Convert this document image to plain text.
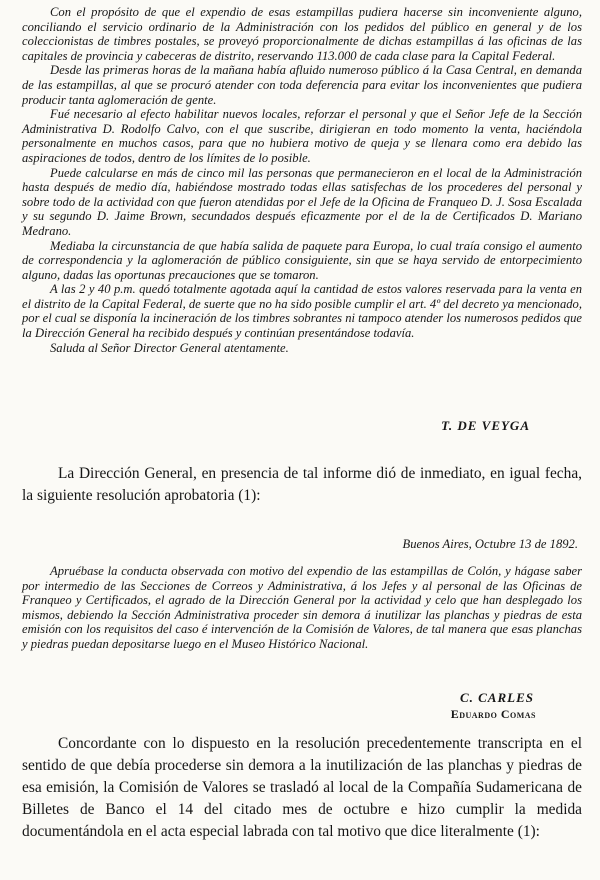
Con el propósito de que el expendio de esas estampillas pudiera hacerse sin inconveniente alguno, conciliando el servicio ordinario de la Administración con los pedidos del público en general y de los coleccionistas de timbres postales, se proveyó proporcionalmente de dichas estampillas á las oficinas de las capitales de provincia y cabeceras de distrito, reservando 113.000 de cada clase para la Capital Federal.

Desde las primeras horas de la mañana había afluido numeroso público á la Casa Central, en demanda de las estampillas, al que se procuró atender con toda deferencia para evitar los inconvenientes que pudiera producir tanta aglomeración de gente.

Fué necesario al efecto habilitar nuevos locales, reforzar el personal y que el Señor Jefe de la Sección Administrativa D. Rodolfo Calvo, con el que suscribe, dirigieran en todo momento la venta, haciéndola personalmente en muchos casos, para que no hubiera motivo de queja y se llenara como era debido las aspiraciones de todos, dentro de los límites de lo posible.

Puede calcularse en más de cinco mil las personas que permanecieron en el local de la Administración hasta después de medio día, habiéndose mostrado todas ellas satisfechas de los procederes del personal y sobre todo de la actividad con que fueron atendidas por el Jefe de la Oficina de Franqueo D. J. Sosa Escalada y su segundo D. Jaime Brown, secundados después eficazmente por el de la de Certificados D. Mariano Medrano.

Mediaba la circunstancia de que había salida de paquete para Europa, lo cual traía consigo el aumento de correspondencia y la aglomeración de público consiguiente, sin que se haya servido de entorpecimiento alguno, dadas las oportunas precauciones que se tomaron.

A las 2 y 40 p.m. quedó totalmente agotada aquí la cantidad de estos valores reservada para la venta en el distrito de la Capital Federal, de suerte que no ha sido posible cumplir el art. 4º del decreto ya mencionado, por el cual se disponía la incineración de los timbres sobrantes ni tampoco atender los numerosos pedidos que la Dirección General ha recibido después y continúan presentándose todavía.

Saluda al Señor Director General atentamente.

T. DE VEYGA

La Dirección General, en presencia de tal informe dió de inmediato, en igual fecha, la siguiente resolución aprobatoria (1):

Buenos Aires, Octubre 13 de 1892.

Apruébase la conducta observada con motivo del expendio de las estampillas de Colón, y hágase saber por intermedio de las Secciones de Correos y Administrativa, á los Jefes y al personal de las Oficinas de Franqueo y Certificados, el agrado de la Dirección General por la actividad y celo que han desplegado los mismos, debiendo la Sección Administrativa proceder sin demora á inutilizar las planchas y piedras de esta emisión con los requisitos del caso é intervención de la Comisión de Valores, de tal manera que esas planchas y piedras puedan depositarse luego en el Museo Histórico Nacional.

C. CARLES

Eduardo Comas

Concordante con lo dispuesto en la resolución precedentemente transcripta en el sentido de que debía procederse sin demora a la inutilización de las planchas y piedras de esa emisión, la Comisión de Valores se trasladó al local de la Compañía Sudamericana de Billetes de Banco el 14 del citado mes de octubre e hizo cumplir la medida documentándola en el acta especial labrada con tal motivo que dice literalmente (1):
